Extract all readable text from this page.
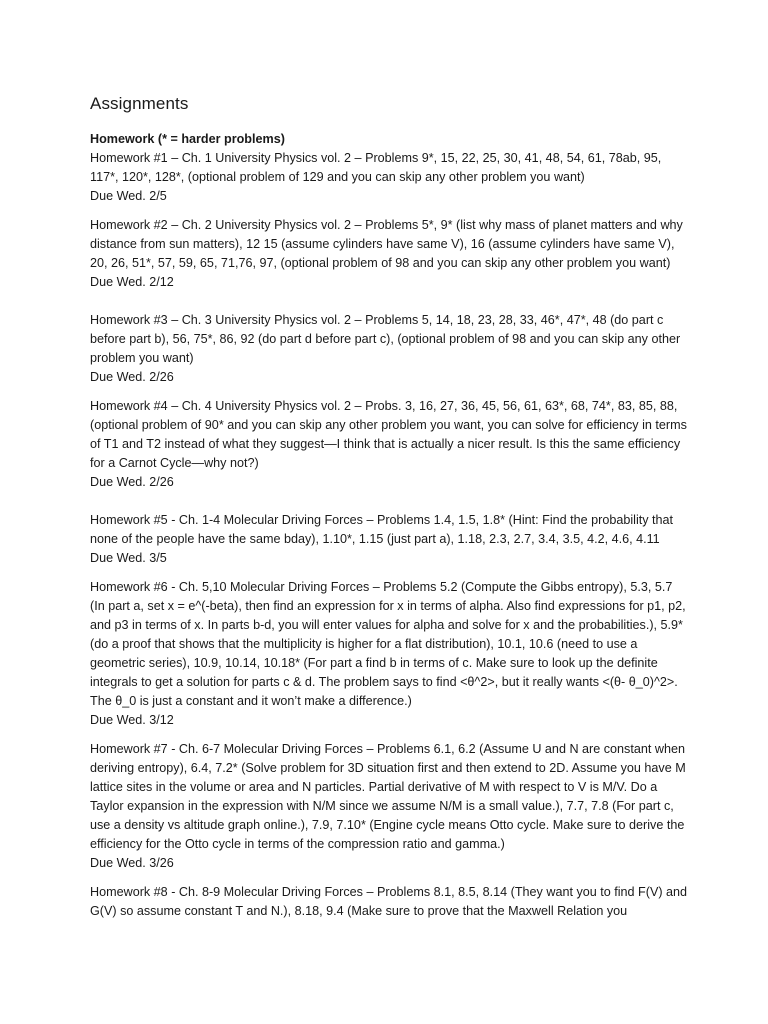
Assignments

Homework (* = harder problems)

Homework #1 – Ch. 1 University Physics vol. 2 – Problems 9*, 15, 22, 25, 30, 41, 48, 54, 61, 78ab, 95, 117*, 120*, 128*, (optional problem of 129 and you can skip any other problem you want)

Due Wed. 2/5

Homework #2 – Ch. 2 University Physics vol. 2 – Problems 5*, 9* (list why mass of planet matters and why distance from sun matters), 12 15 (assume cylinders have same V), 16 (assume cylinders have same V), 20, 26, 51*, 57, 59, 65, 71,76, 97, (optional problem of 98 and you can skip any other problem you want)

Due Wed. 2/12

Homework #3 – Ch. 3 University Physics vol. 2 – Problems 5, 14, 18, 23, 28, 33, 46*, 47*, 48 (do part c before part b), 56, 75*, 86, 92 (do part d before part c), (optional problem of 98 and you can skip any other problem you want)

Due Wed. 2/26

Homework #4 – Ch. 4 University Physics vol. 2 – Probs. 3, 16, 27, 36, 45, 56, 61, 63*, 68, 74*, 83, 85, 88, (optional problem of 90* and you can skip any other problem you want, you can solve for efficiency in terms of T1 and T2 instead of what they suggest—I think that is actually a nicer result. Is this the same efficiency for a Carnot Cycle—why not?)

Due Wed. 2/26

Homework #5 - Ch. 1-4 Molecular Driving Forces – Problems 1.4, 1.5, 1.8* (Hint: Find the probability that none of the people have the same bday), 1.10*, 1.15 (just part a), 1.18, 2.3, 2.7, 3.4, 3.5, 4.2, 4.6, 4.11

Due Wed. 3/5

Homework #6 - Ch. 5,10 Molecular Driving Forces – Problems 5.2 (Compute the Gibbs entropy), 5.3, 5.7 (In part a, set x = e^(-beta), then find an expression for x in terms of alpha. Also find expressions for p1, p2, and p3 in terms of x. In parts b-d, you will enter values for alpha and solve for x and the probabilities.), 5.9* (do a proof that shows that the multiplicity is higher for a flat distribution), 10.1, 10.6 (need to use a geometric series), 10.9, 10.14, 10.18* (For part a find b in terms of c. Make sure to look up the definite integrals to get a solution for parts c & d. The problem says to find <θ^2>, but it really wants <(θ- θ_0)^2>. The θ_0 is just a constant and it won’t make a difference.)

Due Wed. 3/12

Homework #7 - Ch. 6-7 Molecular Driving Forces – Problems 6.1, 6.2 (Assume U and N are constant when deriving entropy), 6.4, 7.2* (Solve problem for 3D situation first and then extend to 2D. Assume you have M lattice sites in the volume or area and N particles. Partial derivative of M with respect to V is M/V. Do a Taylor expansion in the expression with N/M since we assume N/M is a small value.), 7.7, 7.8 (For part c, use a density vs altitude graph online.), 7.9, 7.10* (Engine cycle means Otto cycle. Make sure to derive the efficiency for the Otto cycle in terms of the compression ratio and gamma.)

Due Wed. 3/26

Homework #8 - Ch. 8-9 Molecular Driving Forces – Problems 8.1, 8.5, 8.14 (They want you to find F(V) and G(V) so assume constant T and N.), 8.18, 9.4 (Make sure to prove that the Maxwell Relation you
